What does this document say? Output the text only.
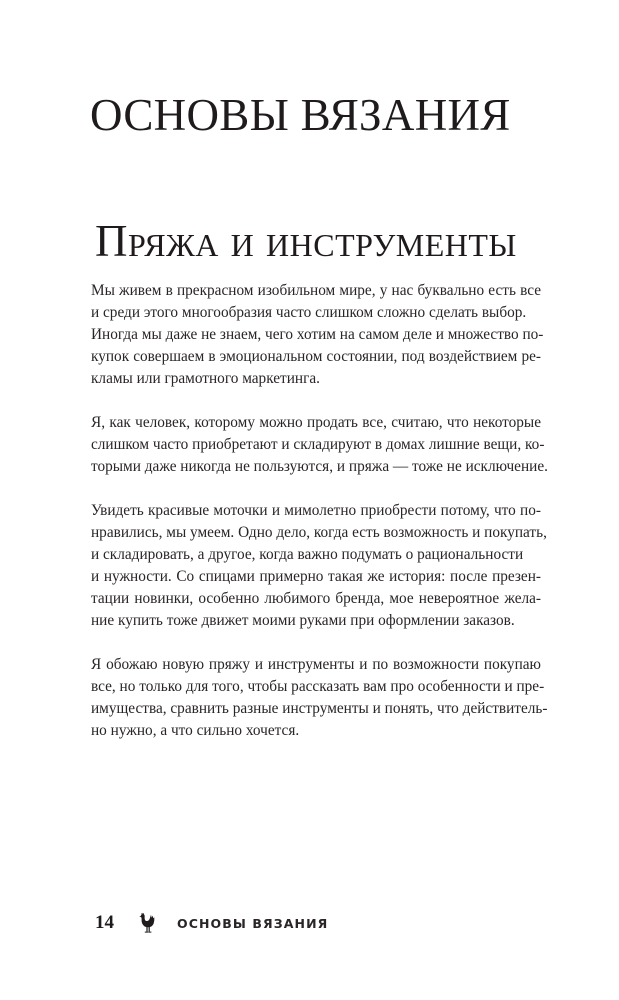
ОСНОВЫ ВЯЗАНИЯ
Пряжа и инструменты

Мы живем в прекрасном изобильном мире, у нас буквально есть все
и среди этого многообразия часто слишком сложно сделать выбор.
Иногда мы даже не знаем, чего хотим на самом деле и множество по-
купок совершаем в эмоциональном состоянии, под воздействием ре-
кламы или грамотного маркетинга.

Я, как человек, которому можно продать все, считаю, что некоторые
слишком часто приобретают и складируют в домах лишние вещи, ко-
торыми даже никогда не пользуются, и пряжа — тоже не исключение.

Увидеть красивые моточки и мимолетно приобрести потому, что по-
нравились, мы умеем. Одно дело, когда есть возможность и покупать,
и складировать, а другое, когда важно подумать о рациональности
и нужности. Со спицами примерно такая же история: после презен-
тации новинки, особенно любимого бренда, мое невероятное жела-
ние купить тоже движет моими руками при оформлении заказов.

Я обожаю новую пряжу и инструменты и по возможности покупаю
все, но только для того, чтобы рассказать вам про особенности и пре-
имущества, сравнить разные инструменты и понять, что действитель-
но нужно, а что сильно хочется.

14	ОСНОВЫ ВЯЗАНИЯ
